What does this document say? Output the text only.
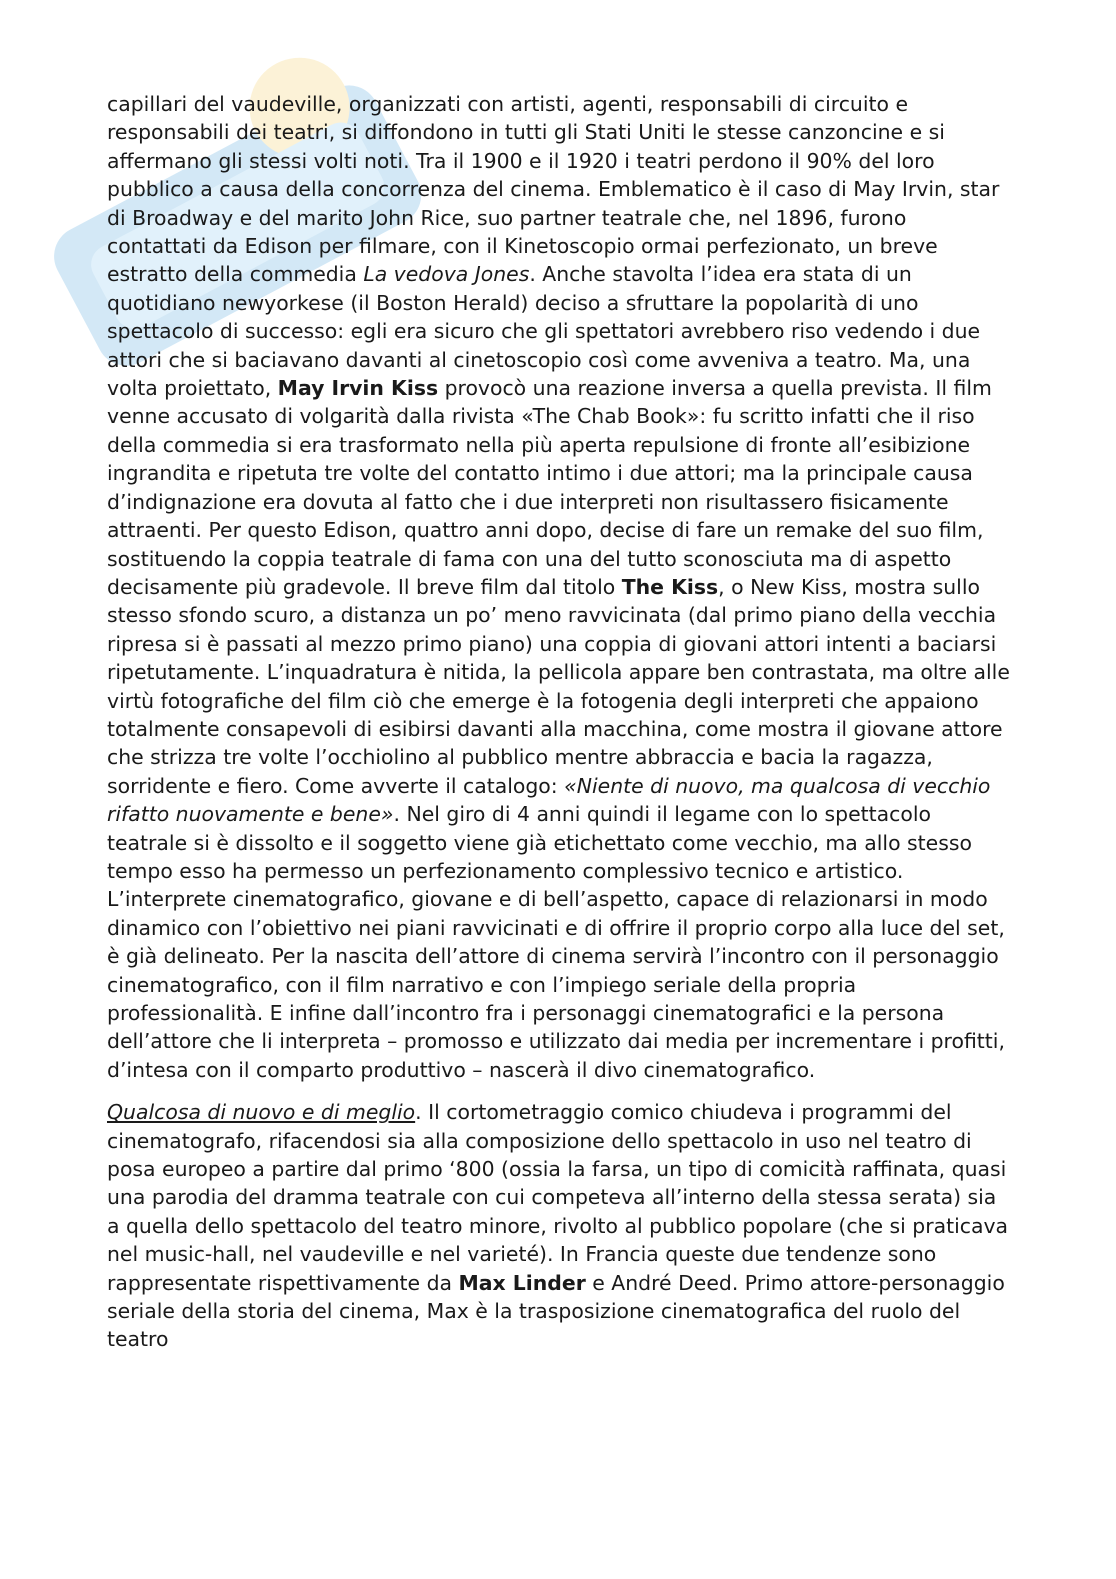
capillari del vaudeville, organizzati con artisti, agenti, responsabili di circuito e responsabili dei teatri, si diffondono in tutti gli Stati Uniti le stesse canzoncine e si affermano gli stessi volti noti. Tra il 1900 e il 1920 i teatri perdono il 90% del loro pubblico a causa della concorrenza del cinema. Emblematico è il caso di May Irvin, star di Broadway e del marito John Rice, suo partner teatrale che, nel 1896, furono contattati da Edison per filmare, con il Kinetoscopio ormai perfezionato, un breve estratto della commedia La vedova Jones. Anche stavolta l’idea era stata di un quotidiano newyorkese (il Boston Herald) deciso a sfruttare la popolarità di uno spettacolo di successo: egli era sicuro che gli spettatori avrebbero riso vedendo i due attori che si baciavano davanti al cinetoscopio così come avveniva a teatro. Ma, una volta proiettato, May Irvin Kiss provocò una reazione inversa a quella prevista. Il film venne accusato di volgarità dalla rivista «The Chab Book»: fu scritto infatti che il riso della commedia si era trasformato nella più aperta repulsione di fronte all’esibizione ingrandita e ripetuta tre volte del contatto intimo i due attori; ma la principale causa d’indignazione era dovuta al fatto che i due interpreti non risultassero fisicamente attraenti. Per questo Edison, quattro anni dopo, decise di fare un remake del suo film, sostituendo la coppia teatrale di fama con una del tutto sconosciuta ma di aspetto decisamente più gradevole. Il breve film dal titolo The Kiss, o New Kiss, mostra sullo stesso sfondo scuro, a distanza un po’ meno ravvicinata (dal primo piano della vecchia ripresa si è passati al mezzo primo piano) una coppia di giovani attori intenti a baciarsi ripetutamente. L’inquadratura è nitida, la pellicola appare ben contrastata, ma oltre alle virtù fotografiche del film ciò che emerge è la fotogenia degli interpreti che appaiono totalmente consapevoli di esibirsi davanti alla macchina, come mostra il giovane attore che strizza tre volte l’occhiolino al pubblico mentre abbraccia e bacia la ragazza, sorridente e fiero. Come avverte il catalogo: «Niente di nuovo, ma qualcosa di vecchio rifatto nuovamente e bene». Nel giro di 4 anni quindi il legame con lo spettacolo teatrale si è dissolto e il soggetto viene già etichettato come vecchio, ma allo stesso tempo esso ha permesso un perfezionamento complessivo tecnico e artistico. L’interprete cinematografico, giovane e di bell’aspetto, capace di relazionarsi in modo dinamico con l’obiettivo nei piani ravvicinati e di offrire il proprio corpo alla luce del set, è già delineato. Per la nascita dell’attore di cinema servirà l’incontro con il personaggio cinematografico, con il film narrativo e con l’impiego seriale della propria professionalità. E infine dall’incontro fra i personaggi cinematografici e la persona dell’attore che li interpreta – promosso e utilizzato dai media per incrementare i profitti, d’intesa con il comparto produttivo – nascerà il divo cinematografico.

Qualcosa di nuovo e di meglio. Il cortometraggio comico chiudeva i programmi del cinematografo, rifacendosi sia alla composizione dello spettacolo in uso nel teatro di posa europeo a partire dal primo ‘800 (ossia la farsa, un tipo di comicità raffinata, quasi una parodia del dramma teatrale con cui competeva all’interno della stessa serata) sia a quella dello spettacolo del teatro minore, rivolto al pubblico popolare (che si praticava nel music-hall, nel vaudeville e nel varieté). In Francia queste due tendenze sono rappresentate rispettivamente da Max Linder e André Deed. Primo attore-personaggio seriale della storia del cinema, Max è la trasposizione cinematografica del ruolo del teatro
